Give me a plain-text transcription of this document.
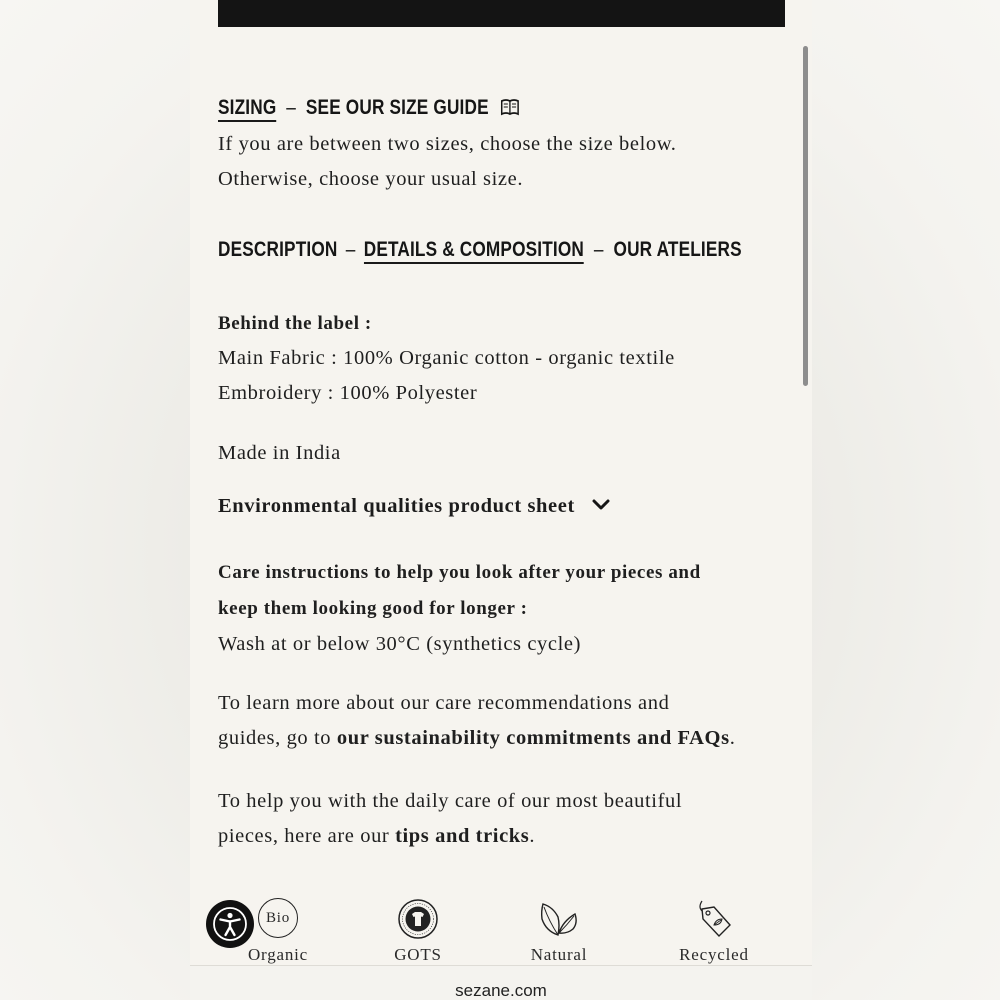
SIZING – SEE OUR SIZE GUIDE
If you are between two sizes, choose the size below.
Otherwise, choose your usual size.
DESCRIPTION – DETAILS & COMPOSITION – OUR ATELIERS
Behind the label :
Main Fabric : 100% Organic cotton - organic textile
Embroidery : 100% Polyester
Made in India
Environmental qualities product sheet
Care instructions to help you look after your pieces and
keep them looking good for longer :
Wash at or below 30°C (synthetics cycle)
To learn more about our care recommendations and
guides, go to our sustainability commitments and FAQs.
To help you with the daily care of our most beautiful
pieces, here are our tips and tricks.
Bio
Organic	GOTS	Natural	Recycled
sezane.com
